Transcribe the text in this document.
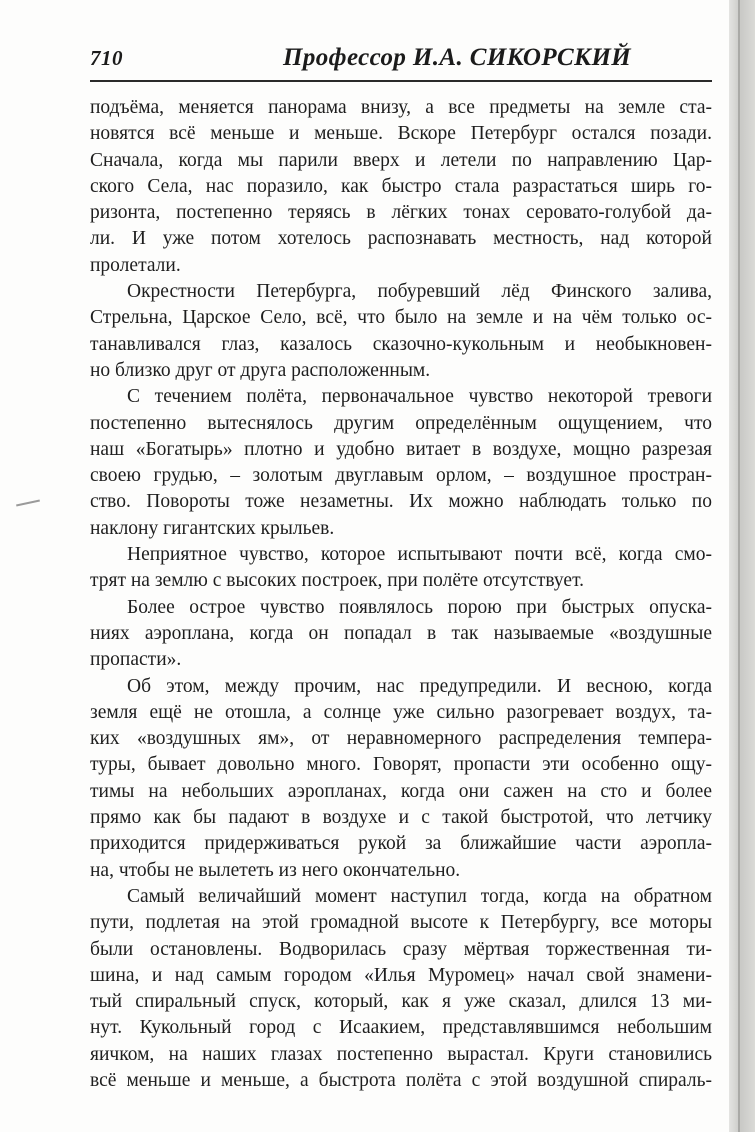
710	Профессор И.А. СИКОРСКИЙ
подъёма, меняется панорама внизу, а все предметы на земле ста-
новятся всё меньше и меньше. Вскоре Петербург остался позади.
Сначала, когда мы парили вверх и летели по направлению Цар-
ского Села, нас поразило, как быстро стала разрастаться ширь го-
ризонта, постепенно теряясь в лёгких тонах серовато-голубой да-
ли. И уже потом хотелось распознавать местность, над которой
пролетали.
Окрестности Петербурга, побуревший лёд Финского залива,
Стрельна, Царское Село, всё, что было на земле и на чём только ос-
танавливался глаз, казалось сказочно-кукольным и необыкновен-
но близко друг от друга расположенным.
С течением полёта, первоначальное чувство некоторой тревоги
постепенно вытеснялось другим определённым ощущением, что
наш «Богатырь» плотно и удобно витает в воздухе, мощно разрезая
своею грудью, – золотым двуглавым орлом, – воздушное простран-
ство. Повороты тоже незаметны. Их можно наблюдать только по
наклону гигантских крыльев.
Неприятное чувство, которое испытывают почти всё, когда смо-
трят на землю с высоких построек, при полёте отсутствует.
Более острое чувство появлялось порою при быстрых опуска-
ниях аэроплана, когда он попадал в так называемые «воздушные
пропасти».
Об этом, между прочим, нас предупредили. И весною, когда
земля ещё не отошла, а солнце уже сильно разогревает воздух, та-
ких «воздушных ям», от неравномерного распределения темпера-
туры, бывает довольно много. Говорят, пропасти эти особенно ощу-
тимы на небольших аэропланах, когда они сажен на сто и более
прямо как бы падают в воздухе и с такой быстротой, что летчику
приходится придерживаться рукой за ближайшие части аэропла-
на, чтобы не вылететь из него окончательно.
Самый величайший момент наступил тогда, когда на обратном
пути, подлетая на этой громадной высоте к Петербургу, все моторы
были остановлены. Водворилась сразу мёртвая торжественная ти-
шина, и над самым городом «Илья Муромец» начал свой знамени-
тый спиральный спуск, который, как я уже сказал, длился 13 ми-
нут. Кукольный город с Исаакием, представлявшимся небольшим
яичком, на наших глазах постепенно вырастал. Круги становились
всё меньше и меньше, а быстрота полёта с этой воздушной спираль-
